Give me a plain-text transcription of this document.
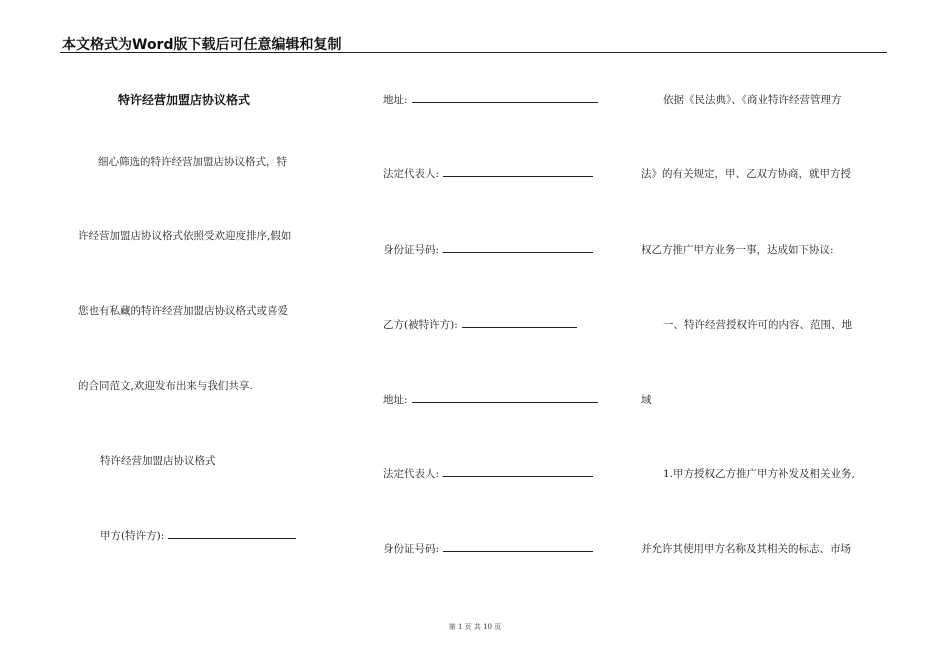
本文格式为Word版下载后可任意编辑和复制
特许经营加盟店协议格式
细心筛选的特许经营加盟店协议格式，特
许经营加盟店协议格式依照受欢迎度排序,假如
您也有私藏的特许经营加盟店协议格式或喜爱
的合同范文,欢迎发布出来与我们共享.
特许经营加盟店协议格式
甲方(特许方):
地址:
法定代表人:
身份证号码:
乙方(被特许方):
地址:
法定代表人:
身份证号码:
依据《民法典》、《商业特许经营管理方
法》的有关规定，甲、乙双方协商，就甲方授
权乙方推广甲方业务一事，达成如下协议:
一、特许经营授权许可的内容、范围、地
域
1.甲方授权乙方推广甲方补发及相关业务,
并允许其使用甲方名称及其相关的标志、市场
第 1 页 共 10 页
